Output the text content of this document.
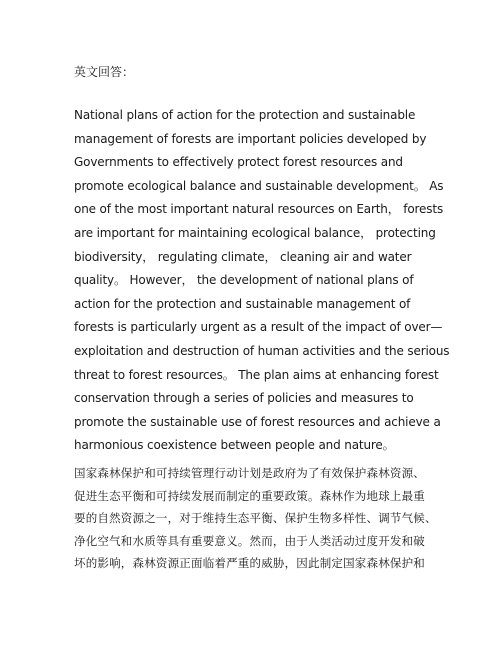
英文回答：

National plans of action for the protection and sustainable
management of forests are important policies developed by
Governments to effectively protect forest resources and
promote ecological balance and sustainable development。 As
one of the most important natural resources on Earth， forests
are important for maintaining ecological balance， protecting
biodiversity， regulating climate， cleaning air and water
quality。 However， the development of national plans of
action for the protection and sustainable management of
forests is particularly urgent as a result of the impact of over—
exploitation and destruction of human activities and the serious
threat to forest resources。 The plan aims at enhancing forest
conservation through a series of policies and measures to
promote the sustainable use of forest resources and achieve a
harmonious coexistence between people and nature。
国家森林保护和可持续管理行动计划是政府为了有效保护森林资源、
促进生态平衡和可持续发展而制定的重要政策。森林作为地球上最重
要的自然资源之一，对于维持生态平衡、保护生物多样性、调节气候、
净化空气和水质等具有重要意义。然而，由于人类活动过度开发和破
坏的影响，森林资源正面临着严重的威胁，因此制定国家森林保护和
